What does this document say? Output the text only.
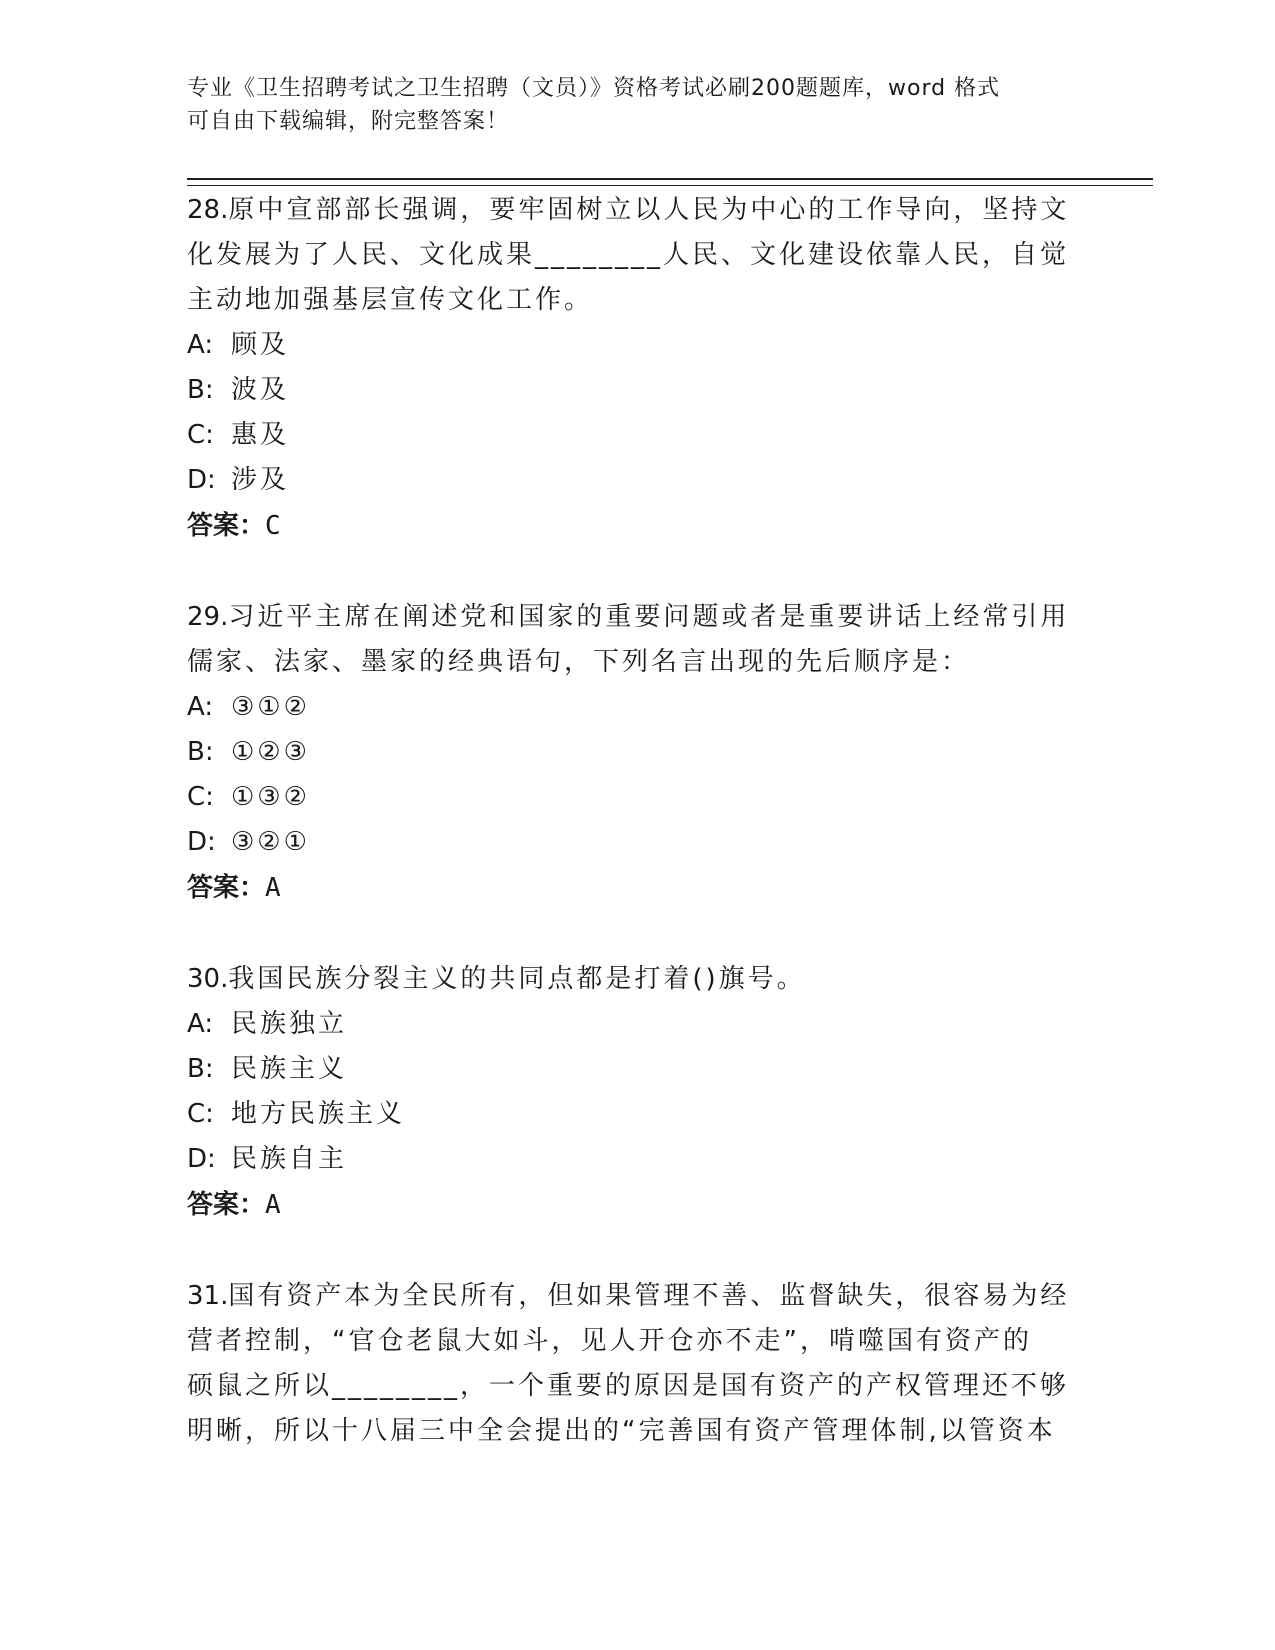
专业《卫生招聘考试之卫生招聘（文员）》资格考试必刷200题题库，word 格式
可自由下载编辑，附完整答案！
28.原中宣部部长强调，要牢固树立以人民为中心的工作导向，坚持文
化发展为了人民、文化成果________人民、文化建设依靠人民，自觉
主动地加强基层宣传文化工作。
A: 顾及
B: 波及
C: 惠及
D: 涉及
答案：C
29.习近平主席在阐述党和国家的重要问题或者是重要讲话上经常引用
儒家、法家、墨家的经典语句，下列名言出现的先后顺序是：
A: ③①②
B: ①②③
C: ①③②
D: ③②①
答案：A
30.我国民族分裂主义的共同点都是打着()旗号。
A: 民族独立
B: 民族主义
C: 地方民族主义
D: 民族自主
答案：A
31.国有资产本为全民所有，但如果管理不善、监督缺失，很容易为经
营者控制，“官仓老鼠大如斗，见人开仓亦不走”，啃噬国有资产的
硕鼠之所以________，一个重要的原因是国有资产的产权管理还不够
明晰，所以十八届三中全会提出的“完善国有资产管理体制,以管资本
